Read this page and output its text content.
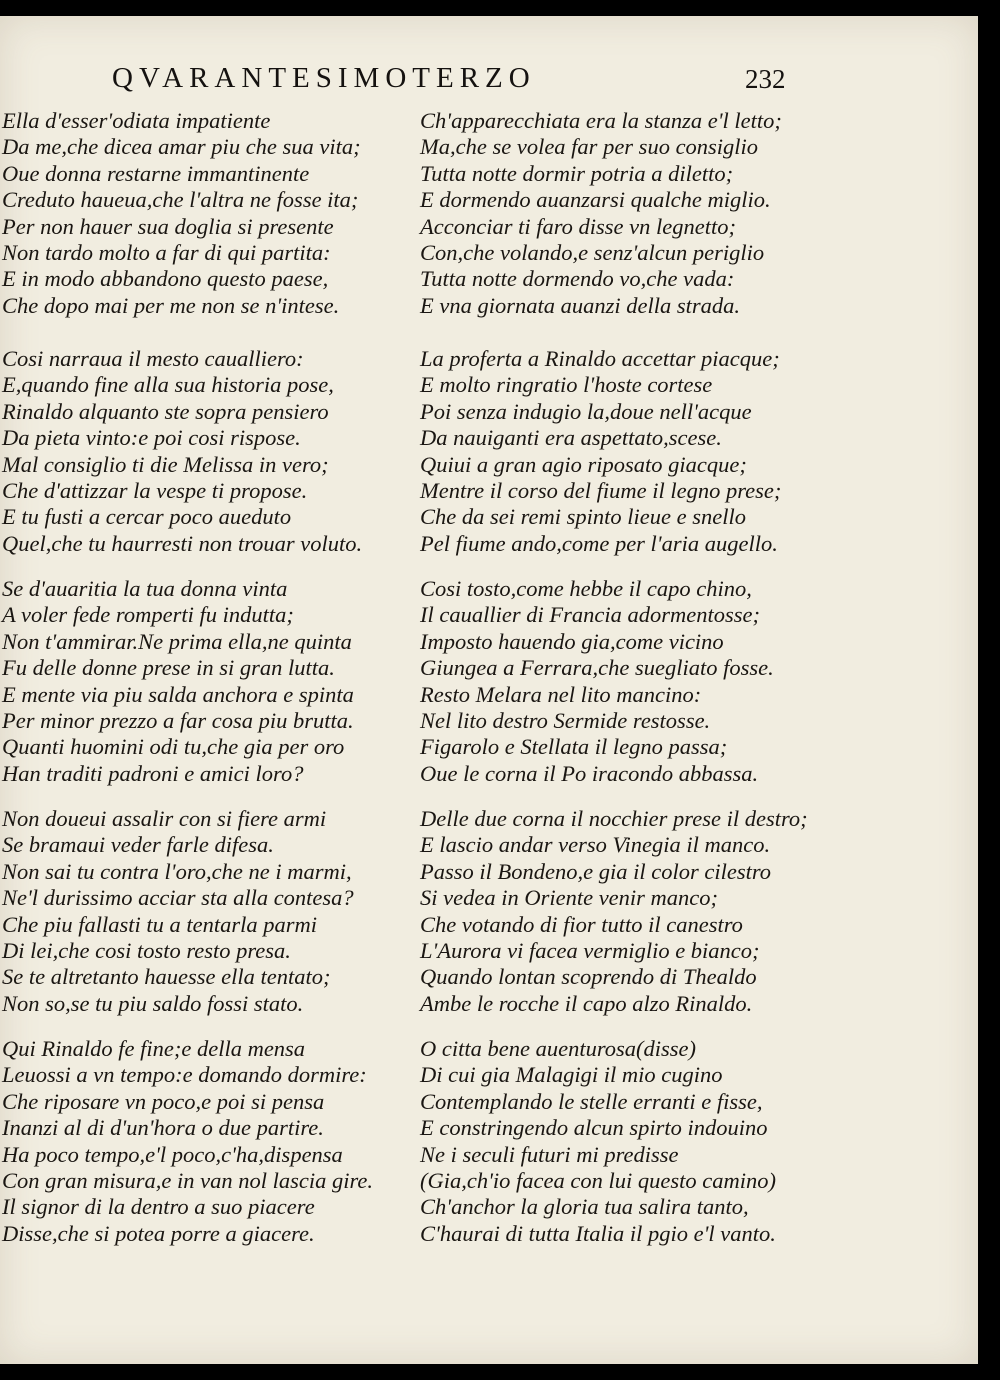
QVARANTESIMOTERZO	232
Ella d'esser'odiata impatiente
Da me,che dicea amar piu che sua vita;
Oue donna restarne immantinente
Creduto haueua,che l'altra ne fosse ita;
Per non hauer sua doglia si presente
Non tardo molto a far di qui partita:
E in modo abbandono questo paese,
Che dopo mai per me non se n'intese.
Cosi narraua il mesto caualliero:
E,quando fine alla sua historia pose,
Rinaldo alquanto ste sopra pensiero
Da pieta vinto:e poi cosi rispose.
Mal consiglio ti die Melissa in vero;
Che d'attizzar la vespe ti propose.
E tu fusti a cercar poco aueduto
Quel,che tu haurresti non trouar voluto.
Se d'auaritia la tua donna vinta
A voler fede romperti fu indutta;
Non t'ammirar.Ne prima ella,ne quinta
Fu delle donne prese in si gran lutta.
E mente via piu salda anchora e spinta
Per minor prezzo a far cosa piu brutta.
Quanti huomini odi tu,che gia per oro
Han traditi padroni e amici loro?
Non doueui assalir con si fiere armi
Se bramaui veder farle difesa.
Non sai tu contra l'oro,che ne i marmi,
Ne'l durissimo acciar sta alla contesa?
Che piu fallasti tu a tentarla parmi
Di lei,che cosi tosto resto presa.
Se te altretanto hauesse ella tentato;
Non so,se tu piu saldo fossi stato.
Qui Rinaldo fe fine;e della mensa
Leuossi a vn tempo:e domando dormire:
Che riposare vn poco,e poi si pensa
Inanzi al di d'un'hora o due partire.
Ha poco tempo,e'l poco,c'ha,dispensa
Con gran misura,e in van nol lascia gire.
Il signor di la dentro a suo piacere
Disse,che si potea porre a giacere.
Ch'apparecchiata era la stanza e'l letto;
Ma,che se volea far per suo consiglio
Tutta notte dormir potria a diletto;
E dormendo auanzarsi qualche miglio.
Acconciar ti faro disse vn legnetto;
Con,che volando,e senz'alcun periglio
Tutta notte dormendo vo,che vada:
E vna giornata auanzi della strada.
La proferta a Rinaldo accettar piacque;
E molto ringratio l'hoste cortese
Poi senza indugio la,doue nell'acque
Da nauiganti era aspettato,scese.
Quiui a gran agio riposato giacque;
Mentre il corso del fiume il legno prese;
Che da sei remi spinto lieue e snello
Pel fiume ando,come per l'aria augello.
Cosi tosto,come hebbe il capo chino,
Il cauallier di Francia adormentosse;
Imposto hauendo gia,come vicino
Giungea a Ferrara,che suegliato fosse.
Resto Melara nel lito mancino:
Nel lito destro Sermide restosse.
Figarolo e Stellata il legno passa;
Oue le corna il Po iracondo abbassa.
Delle due corna il nocchier prese il destro;
E lascio andar verso Vinegia il manco.
Passo il Bondeno,e gia il color cilestro
Si vedea in Oriente venir manco;
Che votando di fior tutto il canestro
L'Aurora vi facea vermiglio e bianco;
Quando lontan scoprendo di Thealdo
Ambe le rocche il capo alzo Rinaldo.
O citta bene auenturosa(disse)
Di cui gia Malagigi il mio cugino
Contemplando le stelle erranti e fisse,
E constringendo alcun spirto indouino
Ne i seculi futuri mi predisse
(Gia,ch'io facea con lui questo camino)
Ch'anchor la gloria tua salira tanto,
C'haurai di tutta Italia il pgio e'l vanto.
